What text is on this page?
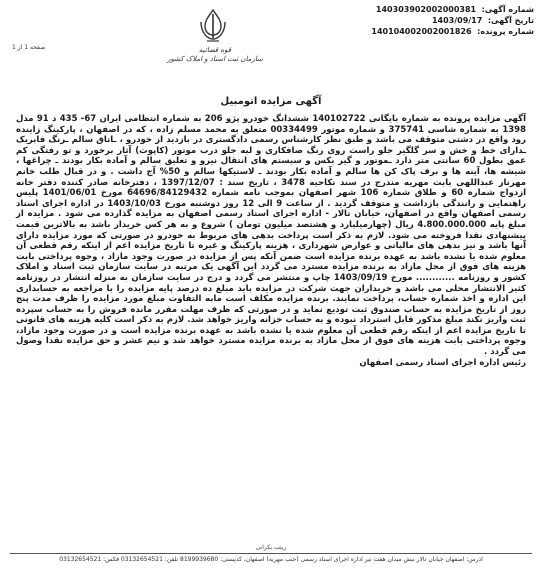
شماره آگهی: 140303902002000381
تاریخ آگهی: 1403/09/17
شماره پرونده: 140104002002001826
قوه قضائیه
سازمان ثبت اسناد و املاک کشور
صفحه 1 از 1
آگهی مزایده اتومبیل

آگهی مزایده پرونده به شماره بایگانی 140102722 ششدانگ خودرو پژو 206 به شماره انتظامی ایران 67- 435 د 91 مدل 1398 به شماره شاسی 375741 و شماره موتور 00334499 متعلق به محمد مسلم زاده ، که در اصفهان ، پارکینگ زاینده رود واقع در دشتی متوقف می باشد و طبق نظر کارشناس رسمی دادگستری در بازدید از خودرو ، ـاتاق سالم ـرنگ فابریک ـدارای خط و خش و سر گلگیر جلو راست روی رنگ صافکاری و لبه جلو درب موتور (کاپوت) آثار برخورد و تو رفتگی کم عمق بطول 60 سانتی متر دارد ـموتور و گیر بکس و سیستم های انتقال نیرو و تعلیق سالم و آماده بکار بودند ـ چراغها ، شیشه ها، آینه ها و برف پاک کن ها سالم و آماده بکار بودند ـ لاستیکها سالم و 50% آج داشت . و در قبال طلب خانم مهرناز عبداللهی بابت مهریه مندرج در سند نکاحیه 3478 ، تاریخ سند : 1397/12/07 ، دفترخانه صادر کننده دفتر خانه ازدواج شماره 60 و طلاق شماره 106 شهر اصفهان بموجب نامه شماره 64696/84129432 مورخ 1401/06/01 پلیس راهنمایی و رانندگی بازداشت و متوقف گردید . از ساعت 9 الی 12 روز دوشنبه مورخ 1403/10/03 در اداره اجرای اسناد رسمی اصفهان واقع در اصفهان، خیابان تالار - اداره اجرای اسناد رسمی اصفهان به مزایده گذارده می شود . مزایده از مبلغ پایه 4.800.000.000 ریال (چهارمیلیارد و هشتصد میلیون تومان ) شروع و به هر کس خریدار باشد به بالاترین قیمت پیشنهادی نقدا فروخته می شود. لازم به ذکر است پرداخت بدهی های مربوط به خودرو در صورتی که مورد مزایده دارای آنها باشد و نیز بدهی های مالیاتی و عوارض شهرداری ، هزینه پارکینگ و غیره تا تاریخ مزایده اعم از اینکه رقم قطعی آن معلوم شده یا نشده باشد به عهده برنده مزایده است ضمن آنکه پس از مزایده در صورت وجود مازاد ، وجوه پرداختی بابت هزینه های فوق از محل مازاد به برنده مزایده مسترد می گردد این آگهی یک مرتبه در سایت سازمان ثبت اسناد و املاک کشور و روزنامه ............ مورخ 1403/09/19 چاپ و منتشر می گردد و درج در سایت سازمان به منزله انتشار در روزنامه کثیر الانتشار محلی می باشد و خریداران جهت شرکت در مزایده باید مبلغ ده درصد پایه مزایده را با مراجعه به حسابداری این اداره و اخذ شماره حساب، پرداخت نمایند. برنده مزایده مکلف است مابه التفاوت مبلغ مورد مزایده را ظرف مدت پنج روز از تاریخ مزایده به حساب صندوق ثبت تودیع نماید و در صورتی که ظرف مهلت مقرر مانده فروش را به حساب سپرده ثبت واریز نکند مبلغ مذکور قابل استرداد نبوده و به حساب خزانه واریز خواهد شد. لازم به ذکر است کلیه هزینه های قانونی تا تاریخ مزایده اعم از اینکه رقم قطعی آن معلوم شده یا نشده باشد به عهده برنده مزایده است و در صورت وجود مازاد، وجوه پرداختی بابت هزینه های فوق از محل مازاد به برنده مزایده مسترد خواهد شد و نیم عشر و حق مزایده نقدا وصول می گردد .

رئیس اداره اجرای اسناد رسمی اصفهان

زینب بکرانی
آدرس: اصفهان خیابان تالار نبش میدان هفت تیر اداره اجرای اسناد رسمی (جنب مهریه) اصفهان، کدپستی: 8199939680 تلفن: 03132654521 فکس: 03132654521
